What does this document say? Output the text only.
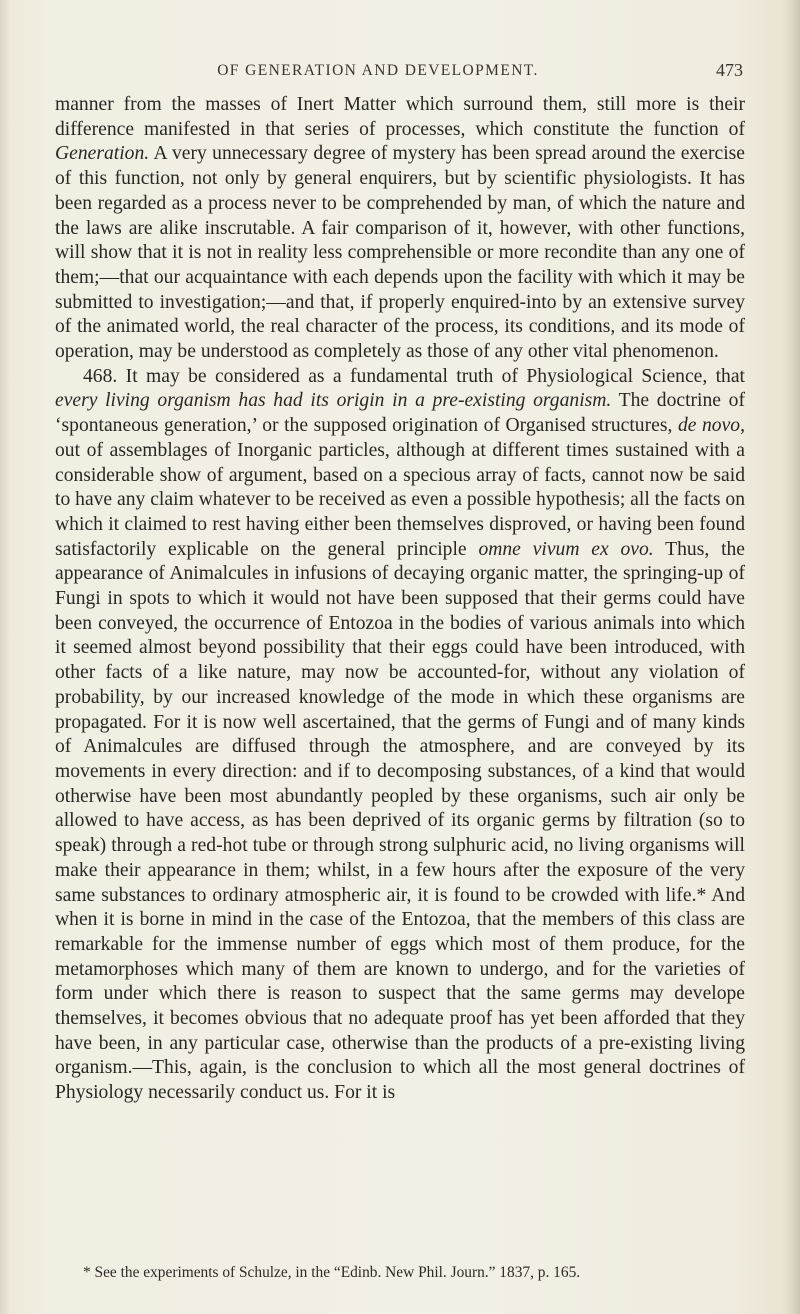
OF GENERATION AND DEVELOPMENT.	473

manner from the masses of Inert Matter which surround them, still more is their difference manifested in that series of processes, which constitute the function of Generation. A very unnecessary degree of mystery has been spread around the exercise of this function, not only by general enquirers, but by scientific physiologists. It has been regarded as a process never to be comprehended by man, of which the nature and the laws are alike inscrutable. A fair comparison of it, however, with other functions, will show that it is not in reality less comprehensible or more recondite than any one of them;—that our acquaintance with each depends upon the facility with which it may be submitted to investigation;—and that, if properly enquired-into by an extensive survey of the animated world, the real character of the process, its conditions, and its mode of operation, may be understood as completely as those of any other vital phenomenon.

468. It may be considered as a fundamental truth of Physiological Science, that every living organism has had its origin in a pre-existing organism. The doctrine of ‘spontaneous generation,’ or the supposed origination of Organised structures, de novo, out of assemblages of Inorganic particles, although at different times sustained with a considerable show of argument, based on a specious array of facts, cannot now be said to have any claim whatever to be received as even a possible hypothesis; all the facts on which it claimed to rest having either been themselves disproved, or having been found satisfactorily explicable on the general principle omne vivum ex ovo. Thus, the appearance of Animalcules in infusions of decaying organic matter, the springing-up of Fungi in spots to which it would not have been supposed that their germs could have been conveyed, the occurrence of Entozoa in the bodies of various animals into which it seemed almost beyond possibility that their eggs could have been introduced, with other facts of a like nature, may now be accounted-for, without any violation of probability, by our increased knowledge of the mode in which these organisms are propagated. For it is now well ascertained, that the germs of Fungi and of many kinds of Animalcules are diffused through the atmosphere, and are conveyed by its movements in every direction: and if to decomposing substances, of a kind that would otherwise have been most abundantly peopled by these organisms, such air only be allowed to have access, as has been deprived of its organic germs by filtration (so to speak) through a red-hot tube or through strong sulphuric acid, no living organisms will make their appearance in them; whilst, in a few hours after the exposure of the very same substances to ordinary atmospheric air, it is found to be crowded with life.* And when it is borne in mind in the case of the Entozoa, that the members of this class are remarkable for the immense number of eggs which most of them produce, for the metamorphoses which many of them are known to undergo, and for the varieties of form under which there is reason to suspect that the same germs may develope themselves, it becomes obvious that no adequate proof has yet been afforded that they have been, in any particular case, otherwise than the products of a pre-existing living organism.—This, again, is the conclusion to which all the most general doctrines of Physiology necessarily conduct us. For it is

* See the experiments of Schulze, in the “Edinb. New Phil. Journ.” 1837, p. 165.
